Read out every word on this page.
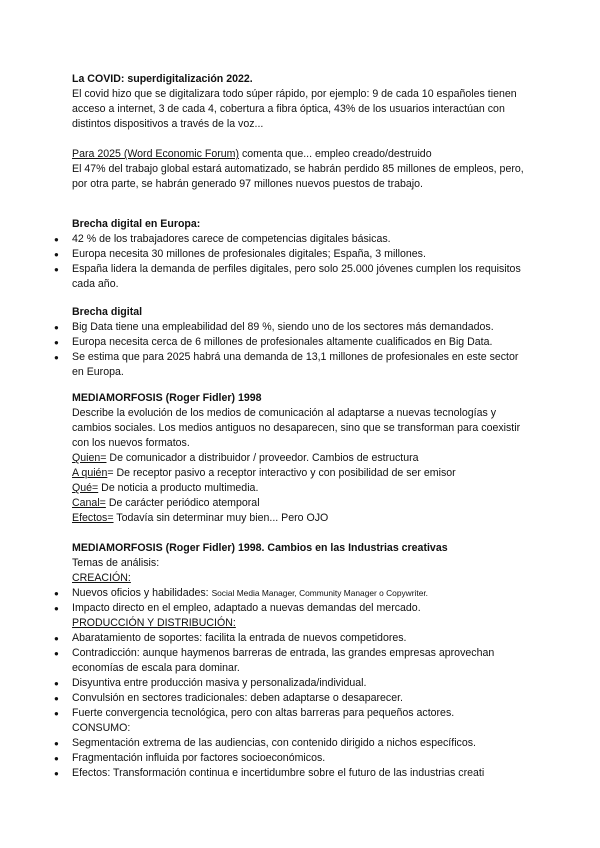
La COVID: superdigitalización 2022.
El covid hizo que se digitalizara todo súper rápido, por ejemplo: 9 de cada 10 españoles tienen acceso a internet, 3 de cada 4, cobertura a fibra óptica, 43% de los usuarios interactúan con distintos dispositivos a través de la voz...
Para 2025 (Word Economic Forum) comenta que... empleo creado/destruido
El 47% del trabajo global estará automatizado, se habrán perdido 85 millones de empleos, pero, por otra parte, se habrán generado 97 millones nuevos puestos de trabajo.
Brecha digital en Europa:
● 42 % de los trabajadores carece de competencias digitales básicas.
● Europa necesita 30 millones de profesionales digitales; España, 3 millones.
● España lidera la demanda de perfiles digitales, pero solo 25.000 jóvenes cumplen los requisitos cada año.
Brecha digital
● Big Data tiene una empleabilidad del 89 %, siendo uno de los sectores más demandados.
● Europa necesita cerca de 6 millones de profesionales altamente cualificados en Big Data.
● Se estima que para 2025 habrá una demanda de 13,1 millones de profesionales en este sector en Europa.
MEDIAMORFOSIS (Roger Fidler) 1998
Describe la evolución de los medios de comunicación al adaptarse a nuevas tecnologías y cambios sociales. Los medios antiguos no desaparecen, sino que se transforman para coexistir con los nuevos formatos.
Quien= De comunicador a distribuidor / proveedor. Cambios de estructura
A quién= De receptor pasivo a receptor interactivo y con posibilidad de ser emisor
Qué= De noticia a producto multimedia.
Canal= De carácter periódico atemporal
Efectos= Todavía sin determinar muy bien... Pero OJO
MEDIAMORFOSIS (Roger Fidler) 1998. Cambios en las Industrias creativas
Temas de análisis:
CREACIÓN:
● Nuevos oficios y habilidades: Social Media Manager, Community Manager o Copywriter.
● Impacto directo en el empleo, adaptado a nuevas demandas del mercado.
PRODUCCIÓN Y DISTRIBUCIÓN:
● Abaratamiento de soportes: facilita la entrada de nuevos competidores.
● Contradicción: aunque haymenos barreras de entrada, las grandes empresas aprovechan economías de escala para dominar.
● Disyuntiva entre producción masiva y personalizada/individual.
● Convulsión en sectores tradicionales: deben adaptarse o desaparecer.
● Fuerte convergencia tecnológica, pero con altas barreras para pequeños actores.
CONSUMO:
● Segmentación extrema de las audiencias, con contenido dirigido a nichos específicos.
● Fragmentación influida por factores socioeconómicos.
● Efectos: Transformación continua e incertidumbre sobre el futuro de las industrias creati
